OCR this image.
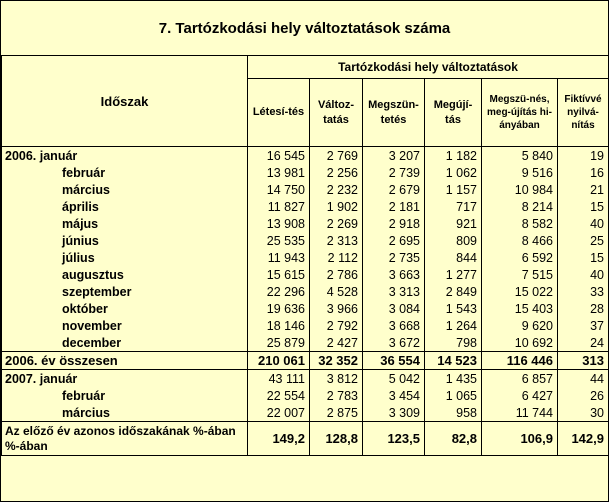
7. Tartózkodási hely változtatások száma
Időszak	Tartózkodási hely változtatások					
	Létesí-tés	Változ-tatás	Megszün-tetés	Megújí-tás	Megszü-nés, meg-újítás hi-ányában	Fiktívvé nyilvá-nítás
2006. január	16 545	2 769	3 207	1 182	5 840	19
február	13 981	2 256	2 739	1 062	9 516	16
március	14 750	2 232	2 679	1 157	10 984	21
április	11 827	1 902	2 181	717	8 214	15
május	13 908	2 269	2 918	921	8 582	40
június	25 535	2 313	2 695	809	8 466	25
július	11 943	2 112	2 735	844	6 592	15
augusztus	15 615	2 786	3 663	1 277	7 515	40
szeptember	22 296	4 528	3 313	2 849	15 022	33
október	19 636	3 966	3 084	1 543	15 403	28
november	18 146	2 792	3 668	1 264	9 620	37
december	25 879	2 427	3 672	798	10 692	24
2006. év összesen	210 061	32 352	36 554	14 523	116 446	313
2007. január	43 111	3 812	5 042	1 435	6 857	44
február	22 554	2 783	3 454	1 065	6 427	26
március	22 007	2 875	3 309	958	11 744	30
Az előző év azonos időszakának %-ában %-ában	149,2	128,8	123,5	82,8	106,9	142,9
